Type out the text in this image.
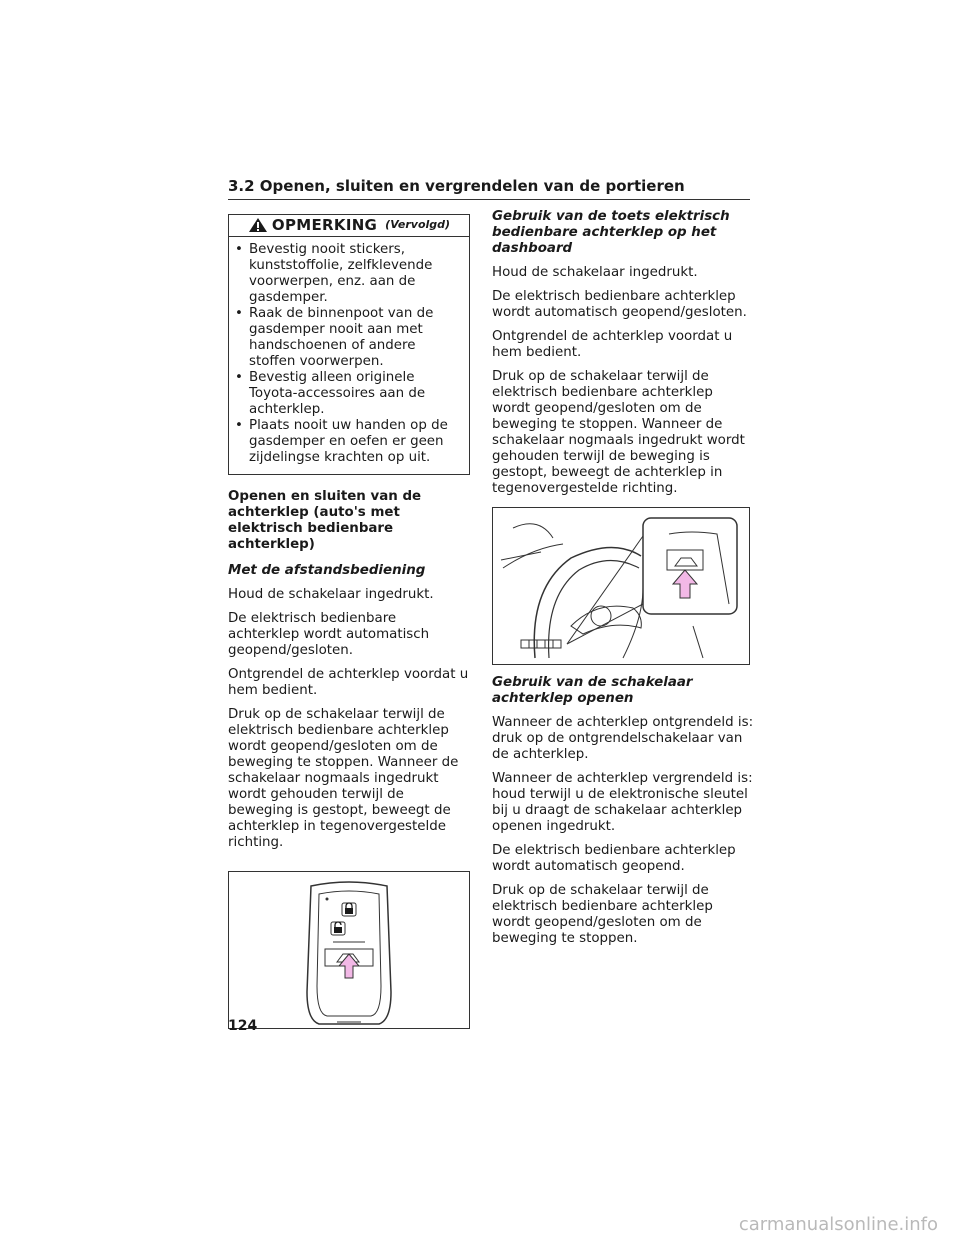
3.2 Openen, sluiten en vergrendelen van de portieren
OPMERKING (Vervolgd)
• Bevestig nooit stickers, kunststoffolie, zelfklevende voorwerpen, enz. aan de gasdemper.
• Raak de binnenpoot van de gasdemper nooit aan met handschoenen of andere stoffen voorwerpen.
• Bevestig alleen originele Toyota-accessoires aan de achterklep.
• Plaats nooit uw handen op de gasdemper en oefen er geen zijdelingse krachten op uit.

Openen en sluiten van de achterklep (auto's met elektrisch bedienbare achterklep)

Met de afstandsbediening

Houd de schakelaar ingedrukt.

De elektrisch bedienbare achterklep wordt automatisch geopend/gesloten.

Ontgrendel de achterklep voordat u hem bedient.

Druk op de schakelaar terwijl de elektrisch bedienbare achterklep wordt geopend/gesloten om de beweging te stoppen. Wanneer de schakelaar nogmaals ingedrukt wordt gehouden terwijl de beweging is gestopt, beweegt de achterklep in tegenovergestelde richting.

Gebruik van de toets elektrisch bedienbare achterklep op het dashboard

Houd de schakelaar ingedrukt.

De elektrisch bedienbare achterklep wordt automatisch geopend/gesloten.

Ontgrendel de achterklep voordat u hem bedient.

Druk op de schakelaar terwijl de elektrisch bedienbare achterklep wordt geopend/gesloten om de beweging te stoppen. Wanneer de schakelaar nogmaals ingedrukt wordt gehouden terwijl de beweging is gestopt, beweegt de achterklep in tegenovergestelde richting.

Gebruik van de schakelaar achterklep openen

Wanneer de achterklep ontgrendeld is: druk op de ontgrendelschakelaar van de achterklep.

Wanneer de achterklep vergrendeld is: houd terwijl u de elektronische sleutel bij u draagt de schakelaar achterklep openen ingedrukt.

De elektrisch bedienbare achterklep wordt automatisch geopend.

Druk op de schakelaar terwijl de elektrisch bedienbare achterklep wordt geopend/gesloten om de beweging te stoppen.

124
carmanualsonline.info
